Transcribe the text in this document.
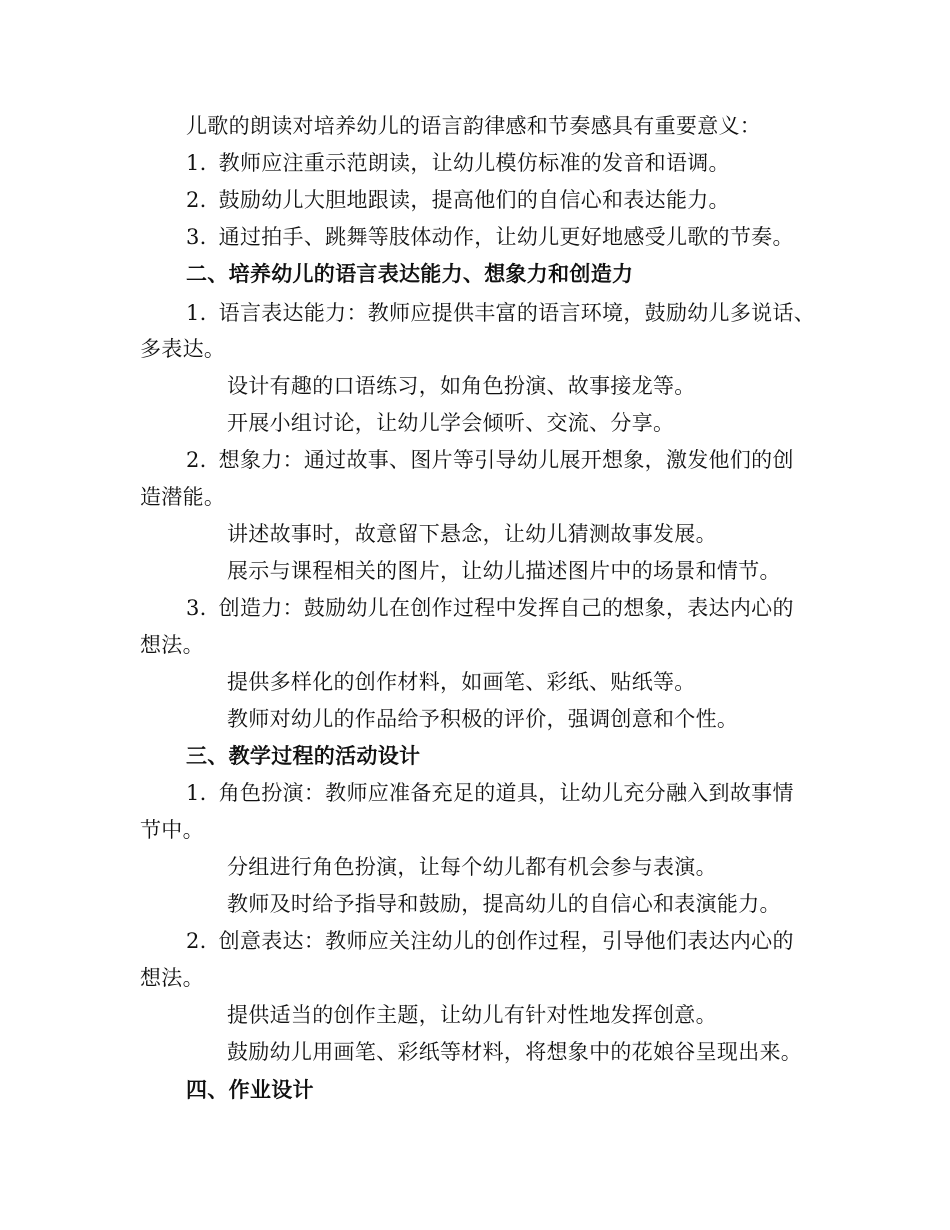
儿歌的朗读对培养幼儿的语言韵律感和节奏感具有重要意义：
1. 教师应注重示范朗读，让幼儿模仿标准的发音和语调。
2. 鼓励幼儿大胆地跟读，提高他们的自信心和表达能力。
3. 通过拍手、跳舞等肢体动作，让幼儿更好地感受儿歌的节奏。
二、培养幼儿的语言表达能力、想象力和创造力
1. 语言表达能力：教师应提供丰富的语言环境，鼓励幼儿多说话、
多表达。
设计有趣的口语练习，如角色扮演、故事接龙等。
开展小组讨论，让幼儿学会倾听、交流、分享。
2. 想象力：通过故事、图片等引导幼儿展开想象，激发他们的创
造潜能。
讲述故事时，故意留下悬念，让幼儿猜测故事发展。
展示与课程相关的图片，让幼儿描述图片中的场景和情节。
3. 创造力：鼓励幼儿在创作过程中发挥自己的想象，表达内心的
想法。
提供多样化的创作材料，如画笔、彩纸、贴纸等。
教师对幼儿的作品给予积极的评价，强调创意和个性。
三、教学过程的活动设计
1. 角色扮演：教师应准备充足的道具，让幼儿充分融入到故事情
节中。
分组进行角色扮演，让每个幼儿都有机会参与表演。
教师及时给予指导和鼓励，提高幼儿的自信心和表演能力。
2. 创意表达：教师应关注幼儿的创作过程，引导他们表达内心的
想法。
提供适当的创作主题，让幼儿有针对性地发挥创意。
鼓励幼儿用画笔、彩纸等材料，将想象中的花娘谷呈现出来。
四、作业设计
